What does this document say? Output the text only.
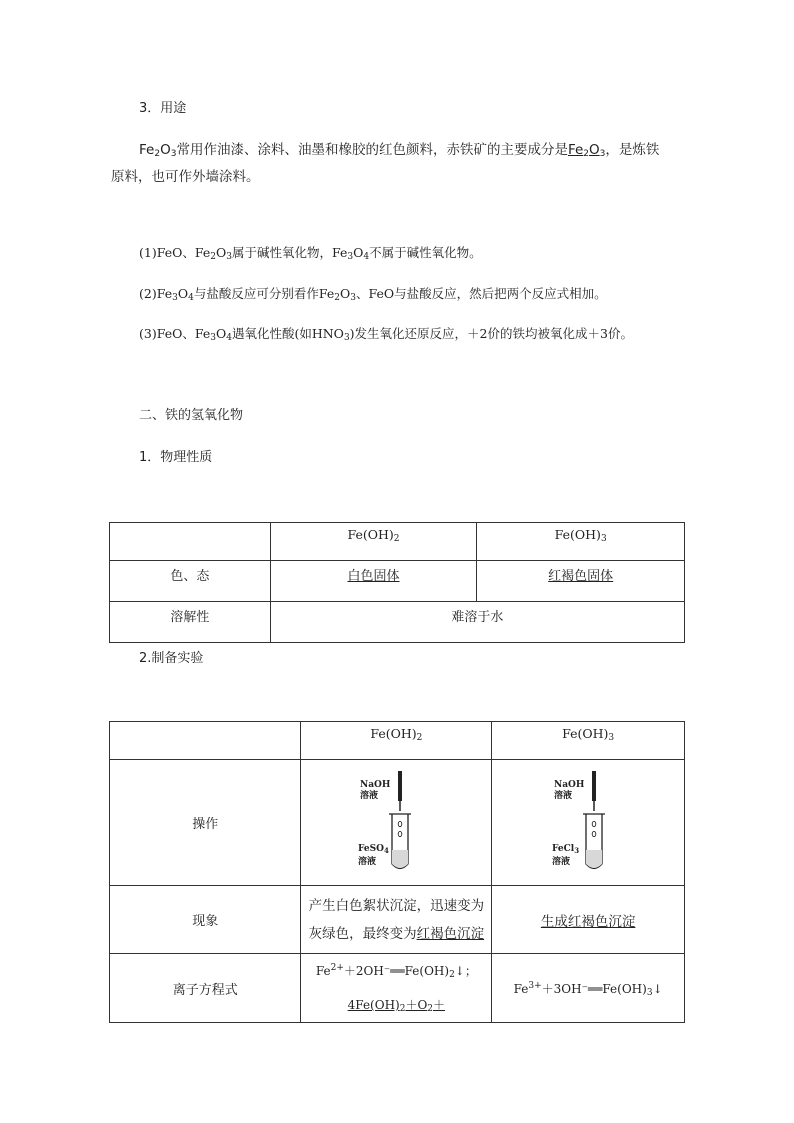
3．用途
$Fe_2O_3$常用作油漆、涂料、油墨和橡胶的红色颜料，赤铁矿的主要成分是$Fe_2O_3$，是炼铁
原料，也可作外墙涂料。
(1)FeO、$Fe_2O_3$属于碱性氧化物，$Fe_3O_4$不属于碱性氧化物。
$(2)Fe_3O_4$与盐酸反应可分别看作$Fe_2O_3$、FeO与盐酸反应，然后把两个反应式相加。
(3)FeO、$Fe_3O_4$遇氧化性酸(如$HNO_3$)发生氧化还原反应，＋2价的铁均被氧化成＋3价。
二、铁的氢氧化物
1．物理性质
	$Fe(OH)_2$	$Fe(OH)_3$
色、态	白色固体	红褐色固体
溶解性	难溶于水	
2.制备实验
	$Fe(OH)_2$	$Fe(OH)_3$
操作	NaOH
溶液
FeSO$_4$
溶液	NaOH
溶液
FeCl$_3$
溶液

现象	产生白色絮状沉淀，迅速变为
灰绿色，最终变为红褐色沉淀	生成红褐色沉淀
离子方程式	$Fe^{2+}+2OH^-══Fe(OH)_2↓$；
$4Fe(OH)_2+O_2+$	$Fe^{3+}+3OH^-══Fe(OH)_3↓$
